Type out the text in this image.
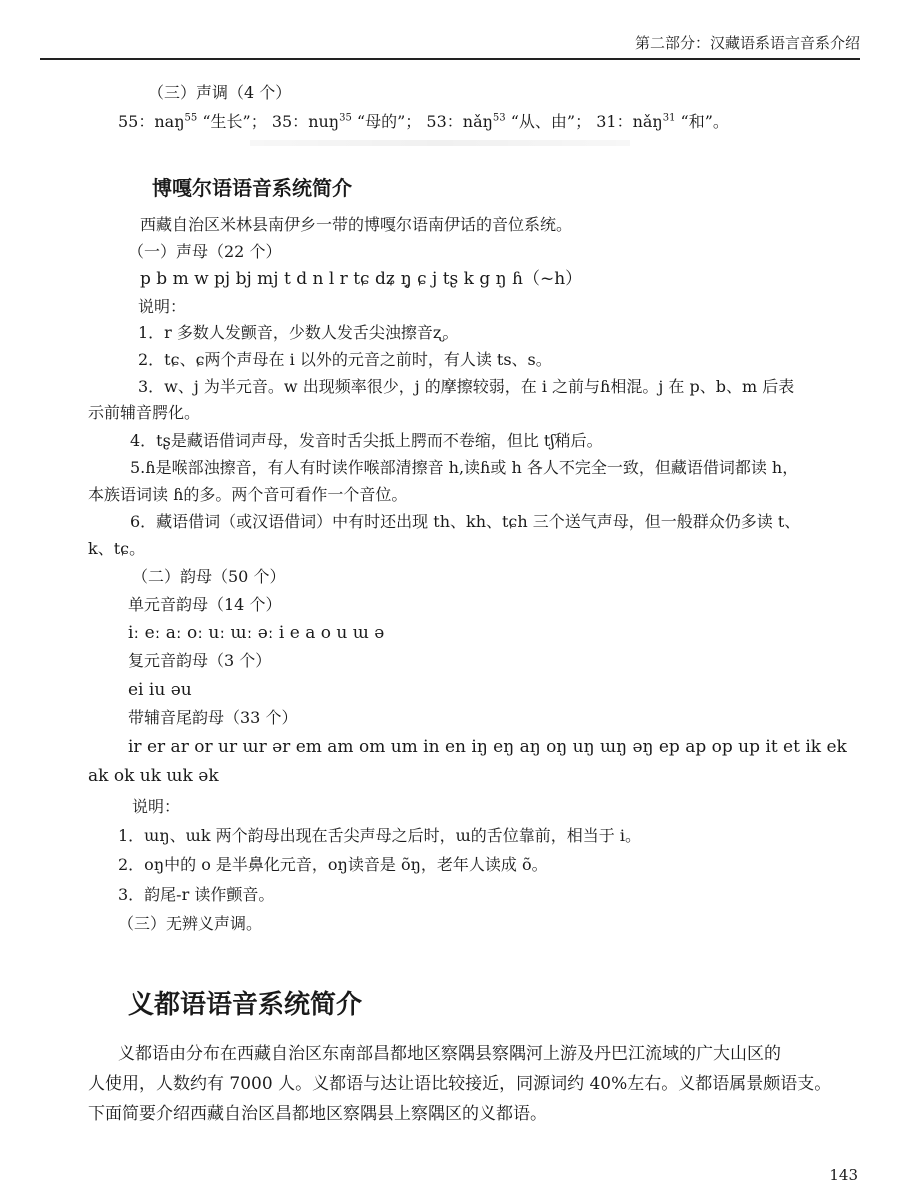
第二部分：汉藏语系语言音系介绍
（三）声调（4 个）
55：naŋ$^{55}$ “生长”； 35：nuŋ$^{35}$ “母的”； 53：nǎŋ$^{53}$ “从、由”； 31：nǎŋ$^{31}$ “和”。
博嘎尔语语音系统简介
西藏自治区米林县南伊乡一带的博嘎尔语南伊话的音位系统。
（一）声母（22 个）
p b m w pj bj mj t d n l r tɕ dʑ ŋ̥ ɕ j tʂ k g ŋ ɦ（~h）
说明：
1．r 多数人发颤音，少数人发舌尖浊擦音ʐ。
2．tɕ、ɕ两个声母在 i 以外的元音之前时，有人读 ts、s。
3．w、j 为半元音。w 出现频率很少，j 的摩擦较弱，在 i 之前与ɦ相混。j 在 p、b、m 后表
示前辅音腭化。
4．tʂ是藏语借词声母，发音时舌尖抵上腭而不卷缩，但比 tʃ稍后。
5.ɦ是喉部浊擦音，有人有时读作喉部清擦音 h,读ɦ或 h 各人不完全一致，但藏语借词都读 h，
本族语词读 ɦ的多。两个音可看作一个音位。
6．藏语借词（或汉语借词）中有时还出现 th、kh、tɕh 三个送气声母，但一般群众仍多读 t、
k、tɕ。
（二）韵母（50 个）
单元音韵母（14 个）
iː eː aː oː uː ɯː əː i e a o u ɯ ə
复元音韵母（3 个）
ei iu əu
带辅音尾韵母（33 个）
ir er ar or ur ɯr ər em am om um in en iŋ eŋ aŋ oŋ uŋ ɯŋ əŋ ep ap op up it et ik ek
ak ok uk ɯk ək
说明：
1．ɯŋ、ɯk 两个韵母出现在舌尖声母之后时，ɯ的舌位靠前，相当于 i。
2．oŋ中的 o 是半鼻化元音，oŋ读音是 õŋ，老年人读成 õ。
3．韵尾-r 读作颤音。
（三）无辨义声调。
义都语语音系统简介
义都语由分布在西藏自治区东南部昌都地区察隅县察隅河上游及丹巴江流域的广大山区的
人使用，人数约有 7000 人。义都语与达让语比较接近，同源词约 40%左右。义都语属景颇语支。
下面简要介绍西藏自治区昌都地区察隅县上察隅区的义都语。
143
